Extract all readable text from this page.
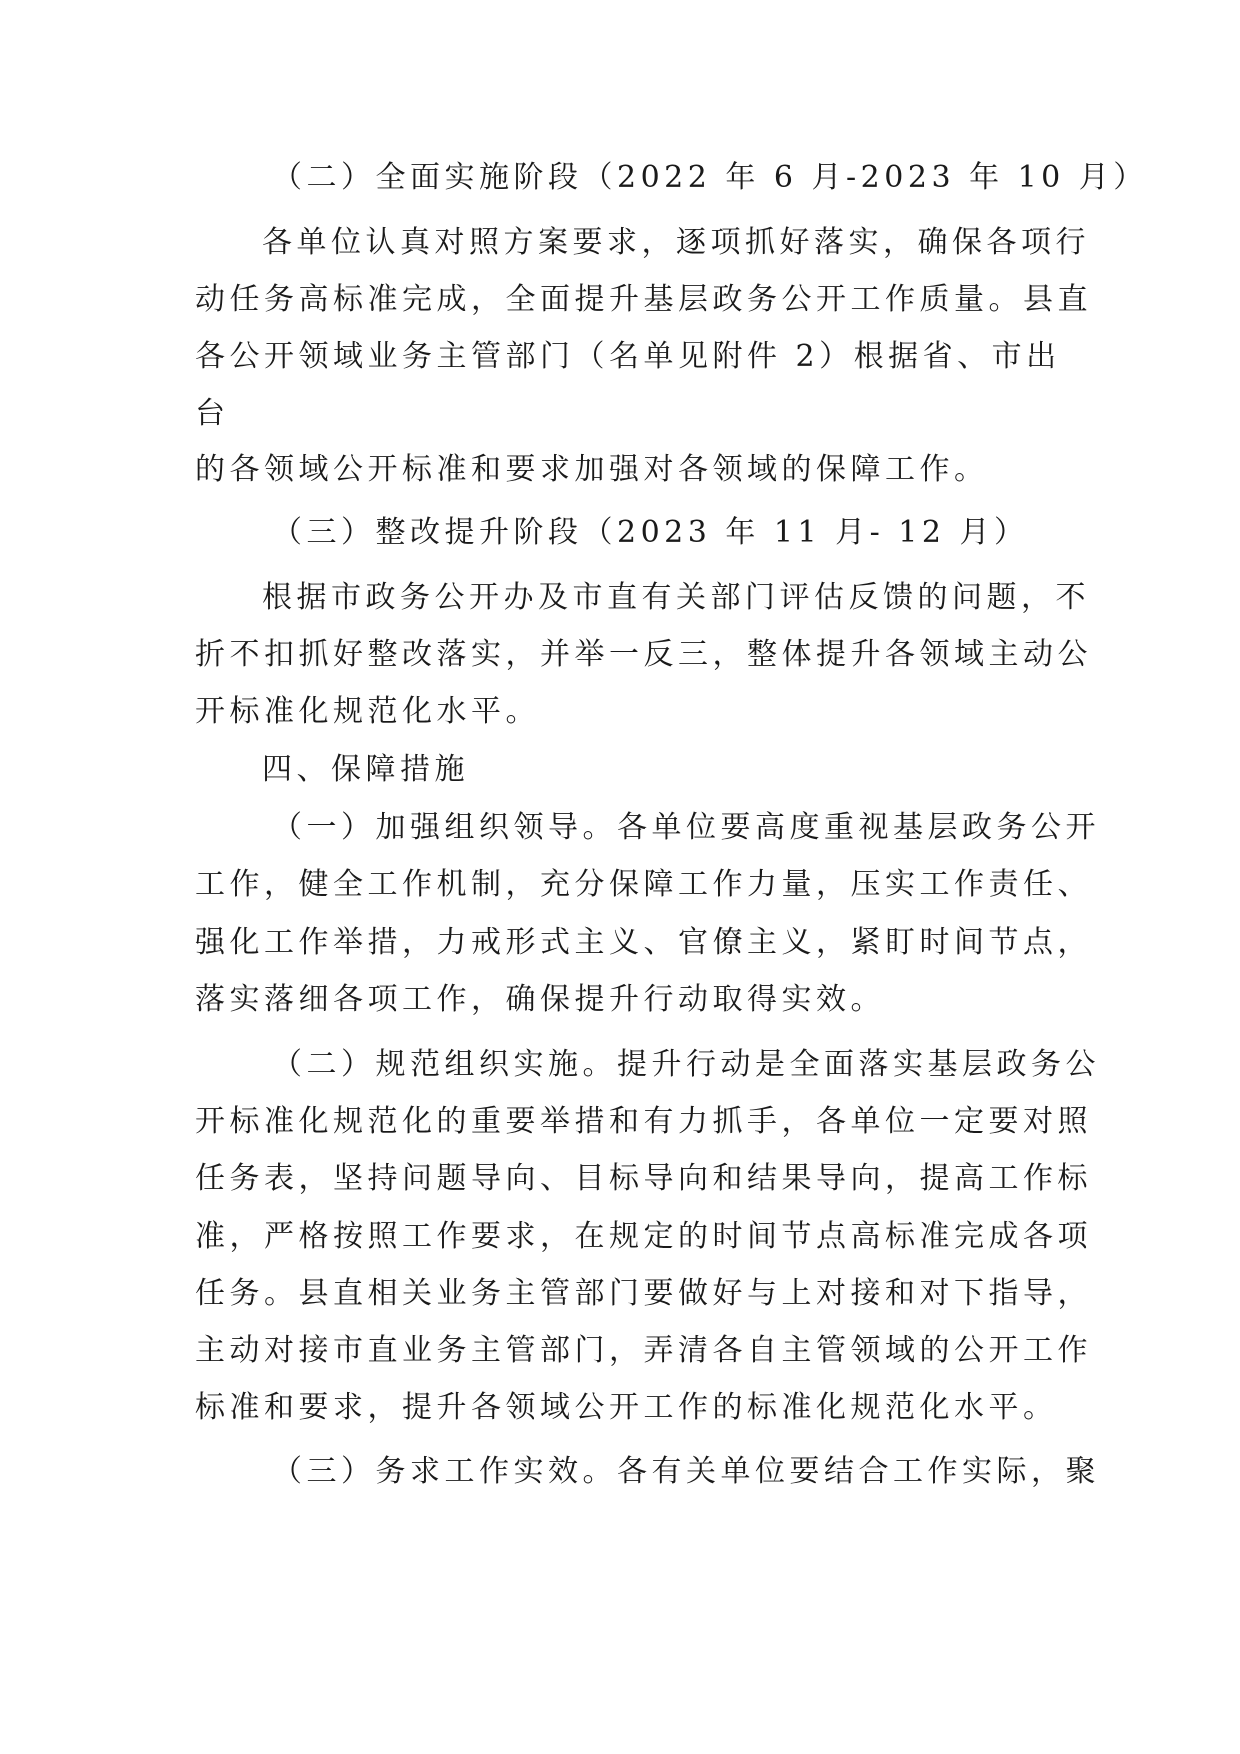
（二）全面实施阶段（2022 年 6 月-2023 年 10 月）
各单位认真对照方案要求，逐项抓好落实，确保各项行
动任务高标准完成，全面提升基层政务公开工作质量。县直
各公开领域业务主管部门（名单见附件 2）根据省、市出
台
的各领域公开标准和要求加强对各领域的保障工作。
（三）整改提升阶段（2023 年 11 月- 12 月）
根据市政务公开办及市直有关部门评估反馈的问题，不
折不扣抓好整改落实，并举一反三，整体提升各领域主动公
开标准化规范化水平。
四、保障措施
（一）加强组织领导。各单位要高度重视基层政务公开
工作，健全工作机制，充分保障工作力量，压实工作责任、
强化工作举措，力戒形式主义、官僚主义，紧盯时间节点，
落实落细各项工作，确保提升行动取得实效。
（二）规范组织实施。提升行动是全面落实基层政务公
开标准化规范化的重要举措和有力抓手，各单位一定要对照
任务表，坚持问题导向、目标导向和结果导向，提高工作标
准，严格按照工作要求，在规定的时间节点高标准完成各项
任务。县直相关业务主管部门要做好与上对接和对下指导，
主动对接市直业务主管部门，弄清各自主管领域的公开工作
标准和要求，提升各领域公开工作的标准化规范化水平。
（三）务求工作实效。各有关单位要结合工作实际，聚
